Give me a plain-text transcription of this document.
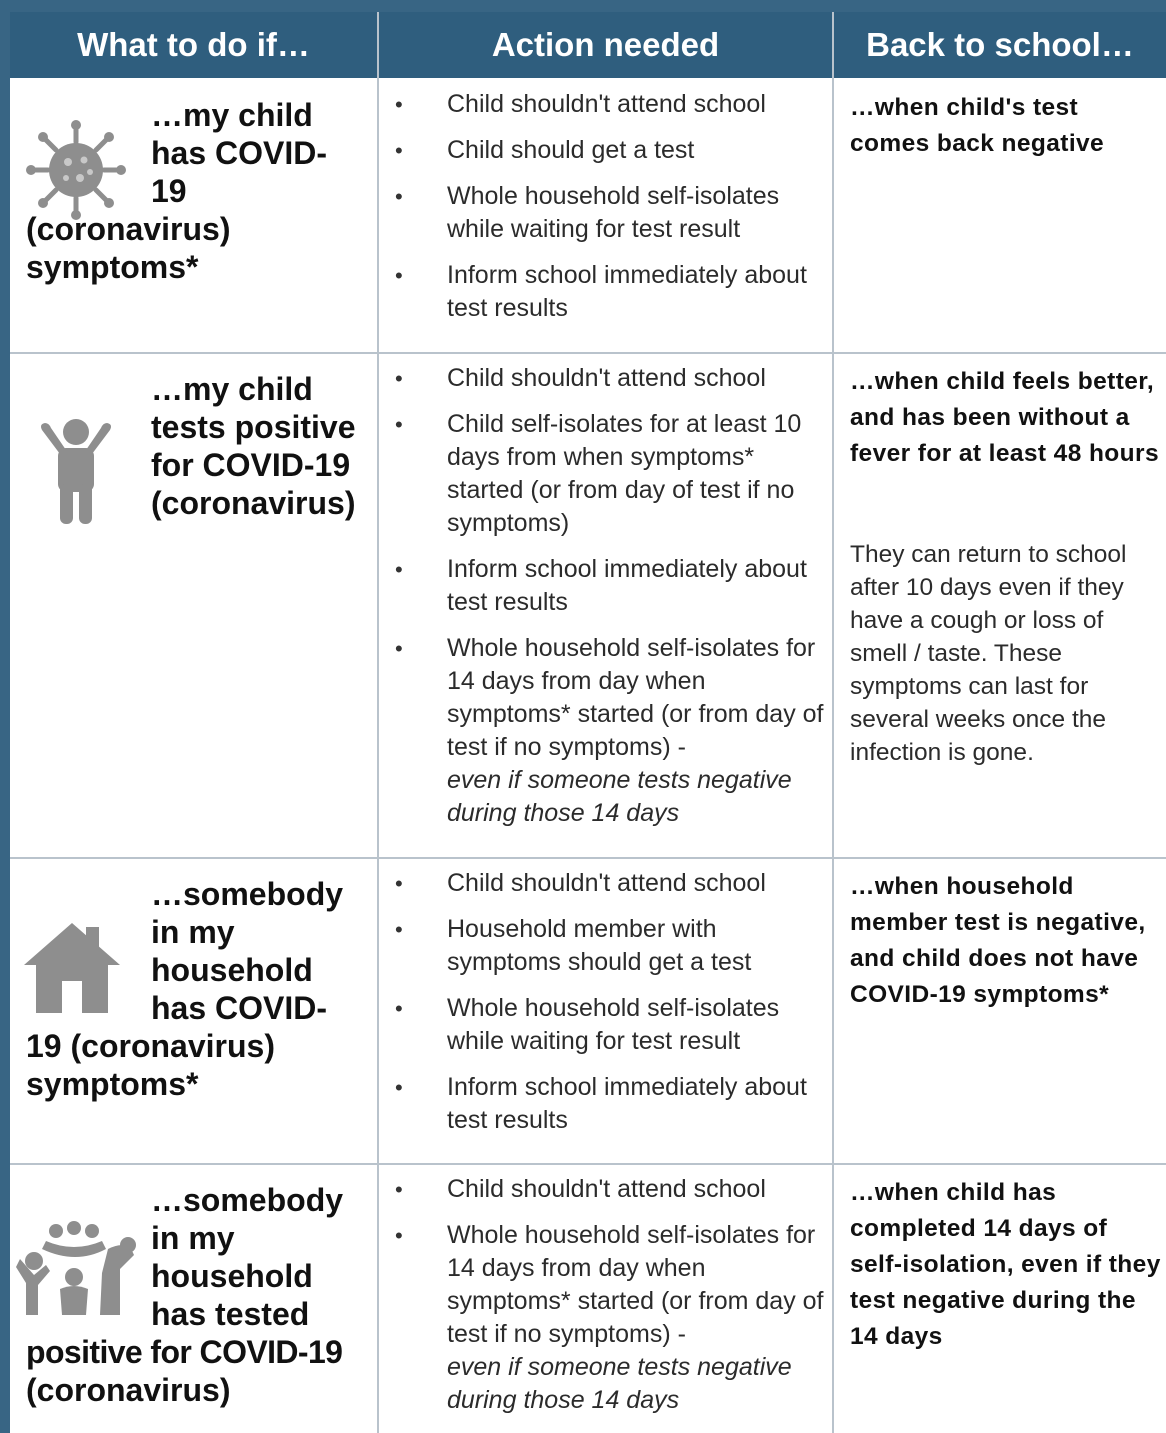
What to do if…	Action needed	Back to school…
…my child
has COVID-
19
(coronavirus)
symptoms*
• Child shouldn't attend school
• Child should get a test
• Whole household self-isolates while waiting for test result
• Inform school immediately about test results
…when child's test comes back negative
…my child
tests positive
for COVID-19
(coronavirus)
• Child shouldn't attend school
• Child self-isolates for at least 10 days from when symptoms* started (or from day of test if no symptoms)
• Inform school immediately about test results
• Whole household self-isolates for 14 days from day when symptoms* started (or from day of test if no symptoms) -
even if someone tests negative during those 14 days
…when child feels better, and has been without a fever for at least 48 hours
They can return to school after 10 days even if they have a cough or loss of smell / taste. These symptoms can last for several weeks once the infection is gone.
…somebody
in my
household
has COVID-
19 (coronavirus)
symptoms*
• Child shouldn't attend school
• Household member with symptoms should get a test
• Whole household self-isolates while waiting for test result
• Inform school immediately about test results
…when household member test is negative, and child does not have COVID-19 symptoms*
…somebody
in my
household
has tested
positive for COVID-19
(coronavirus)
• Child shouldn't attend school
• Whole household self-isolates for 14 days from day when symptoms* started (or from day of test if no symptoms) -
even if someone tests negative during those 14 days
…when child has completed 14 days of self-isolation, even if they test negative during the 14 days
